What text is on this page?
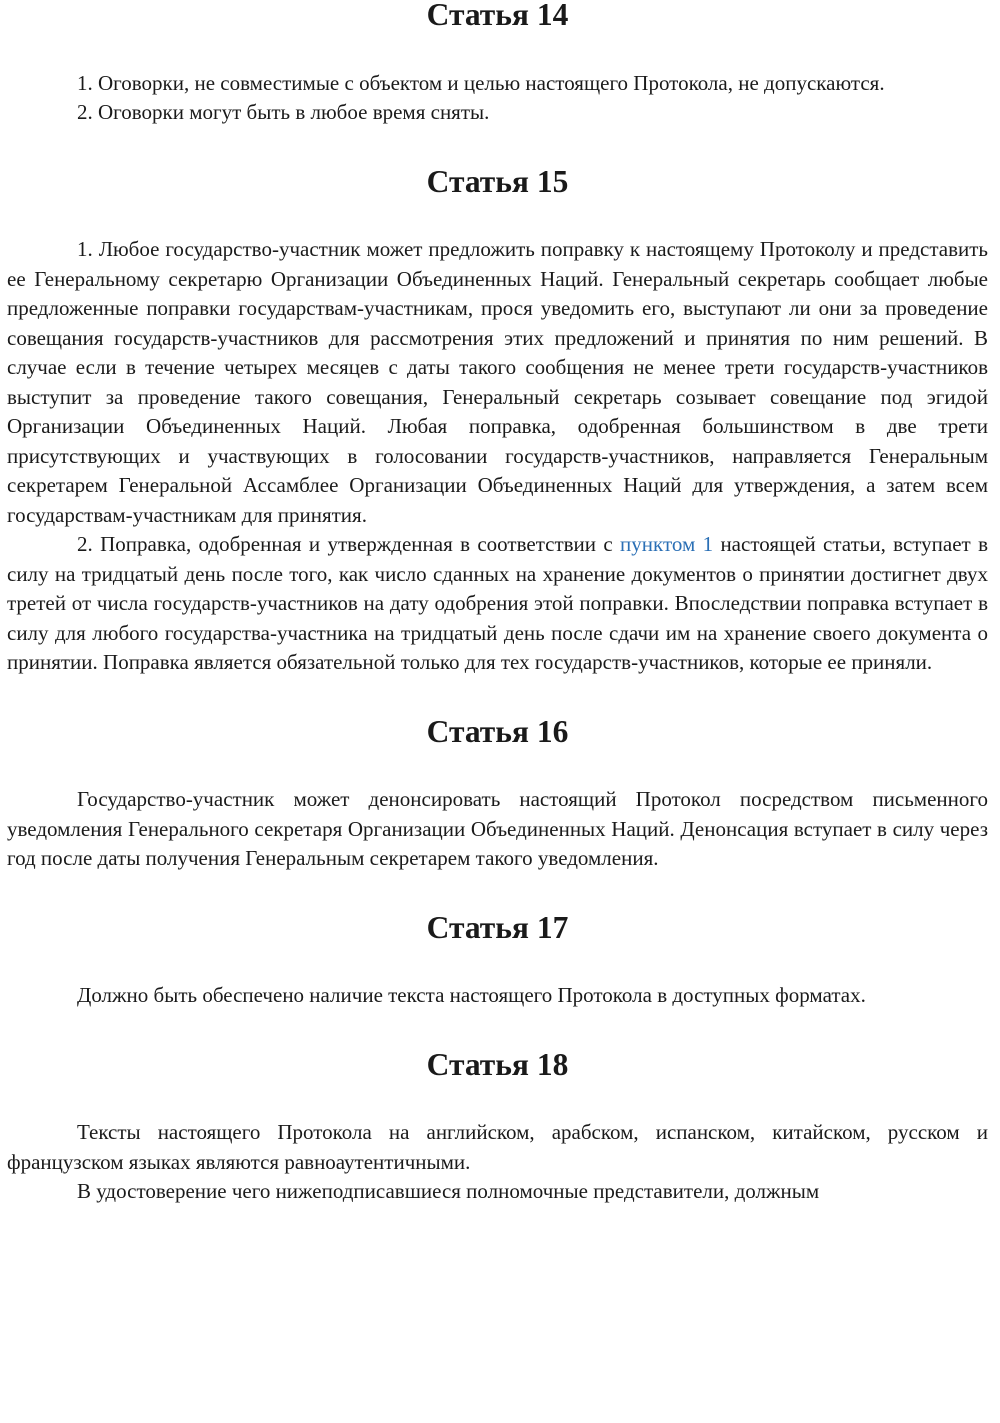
Статья 14

1. Оговорки, не совместимые с объектом и целью настоящего Протокола, не допускаются.

2. Оговорки могут быть в любое время сняты.

Статья 15

1. Любое государство-участник может предложить поправку к настоящему Протоколу и представить ее Генеральному секретарю Организации Объединенных Наций. Генеральный секретарь сообщает любые предложенные поправки государствам-участникам, прося уведомить его, выступают ли они за проведение совещания государств-участников для рассмотрения этих предложений и принятия по ним решений. В случае если в течение четырех месяцев с даты такого сообщения не менее трети государств-участников выступит за проведение такого совещания, Генеральный секретарь созывает совещание под эгидой Организации Объединенных Наций. Любая поправка, одобренная большинством в две трети присутствующих и участвующих в голосовании государств-участников, направляется Генеральным секретарем Генеральной Ассамблее Организации Объединенных Наций для утверждения, а затем всем государствам-участникам для принятия.

2. Поправка, одобренная и утвержденная в соответствии с пунктом 1 настоящей статьи, вступает в силу на тридцатый день после того, как число сданных на хранение документов о принятии достигнет двух третей от числа государств-участников на дату одобрения этой поправки. Впоследствии поправка вступает в силу для любого государства-участника на тридцатый день после сдачи им на хранение своего документа о принятии. Поправка является обязательной только для тех государств-участников, которые ее приняли.

Статья 16

Государство-участник может денонсировать настоящий Протокол посредством письменного уведомления Генерального секретаря Организации Объединенных Наций. Денонсация вступает в силу через год после даты получения Генеральным секретарем такого уведомления.

Статья 17

Должно быть обеспечено наличие текста настоящего Протокола в доступных форматах.

Статья 18

Тексты настоящего Протокола на английском, арабском, испанском, китайском, русском и французском языках являются равноаутентичными.

В удостоверение чего нижеподписавшиеся полномочные представители, должным
